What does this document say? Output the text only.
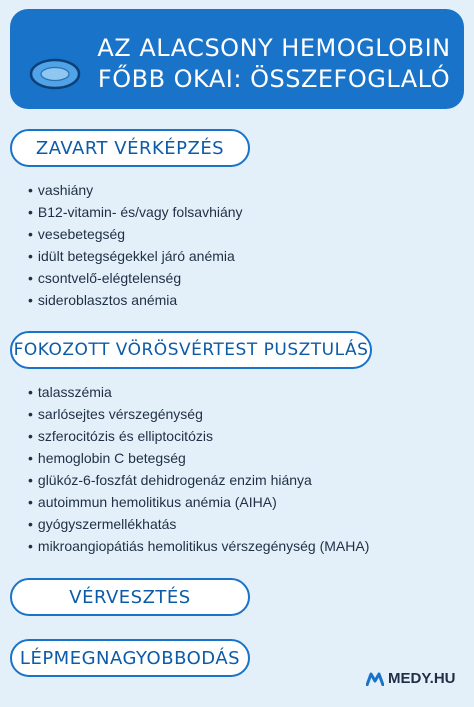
AZ ALACSONY HEMOGLOBIN
FŐBB OKAI: ÖSSZEFOGLALÓ
ZAVART VÉRKÉPZÉS
• vashiány
• B12-vitamin- és/vagy folsavhiány
• vesebetegség
• idült betegségekkel járó anémia
• csontvelő-elégtelenség
• sideroblasztos anémia
FOKOZOTT VÖRÖSVÉRTEST PUSZTULÁS
• talasszémia
• sarlósejtes vérszegénység
• szferocitózis és elliptocitózis
• hemoglobin C betegség
• glükóz-6-foszfát dehidrogenáz enzim hiánya
• autoimmun hemolitikus anémia (AIHA)
• gyógyszermellékhatás
• mikroangiopátiás hemolitikus vérszegénység (MAHA)
VÉRVESZTÉS
LÉPMEGNAGYOBBODÁS
MEDY.HU
